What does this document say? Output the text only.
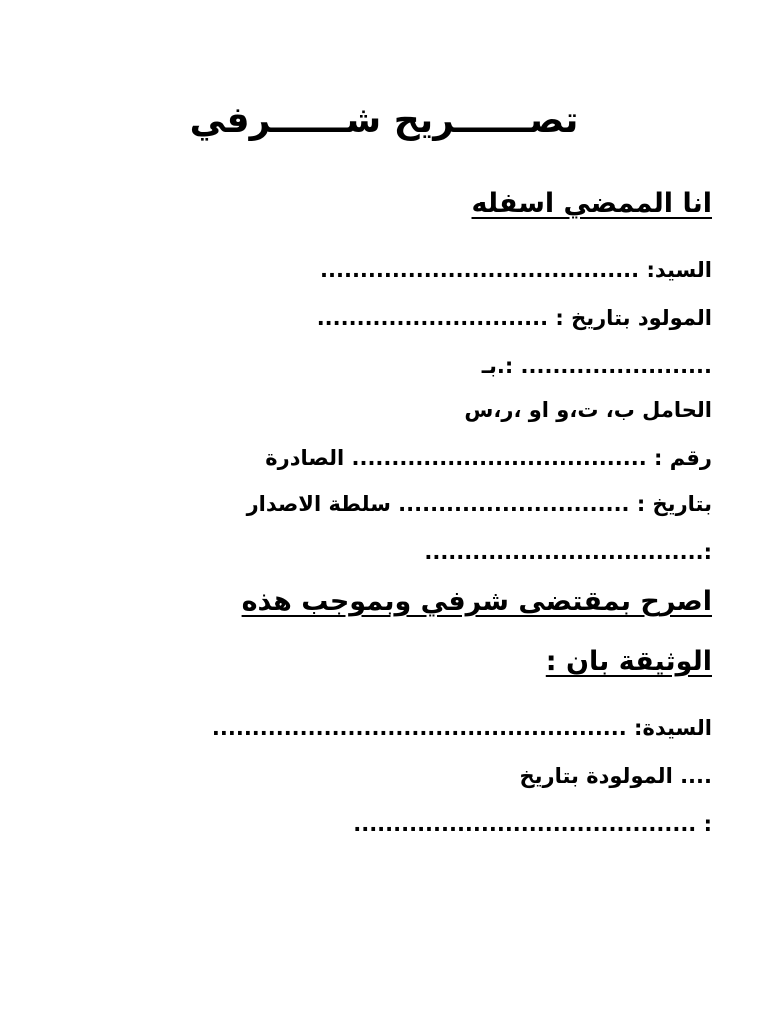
تصــــــريح شــــــرفي
انا الممضي اسفله
السيد: ........................................
المولود بتاريخ : .............................
........................ :.بـ
الحامل ب، ت،و او ،ر،س
رقم : ..................................... الصادرة
بتاريخ : ............................. سلطة الاصدار
...................................:
اصرح بمقتضى شرفي وبموجب هذه
الوثيقة بان :
السيدة: ....................................................
.... المولودة بتاريخ
........................................... :
